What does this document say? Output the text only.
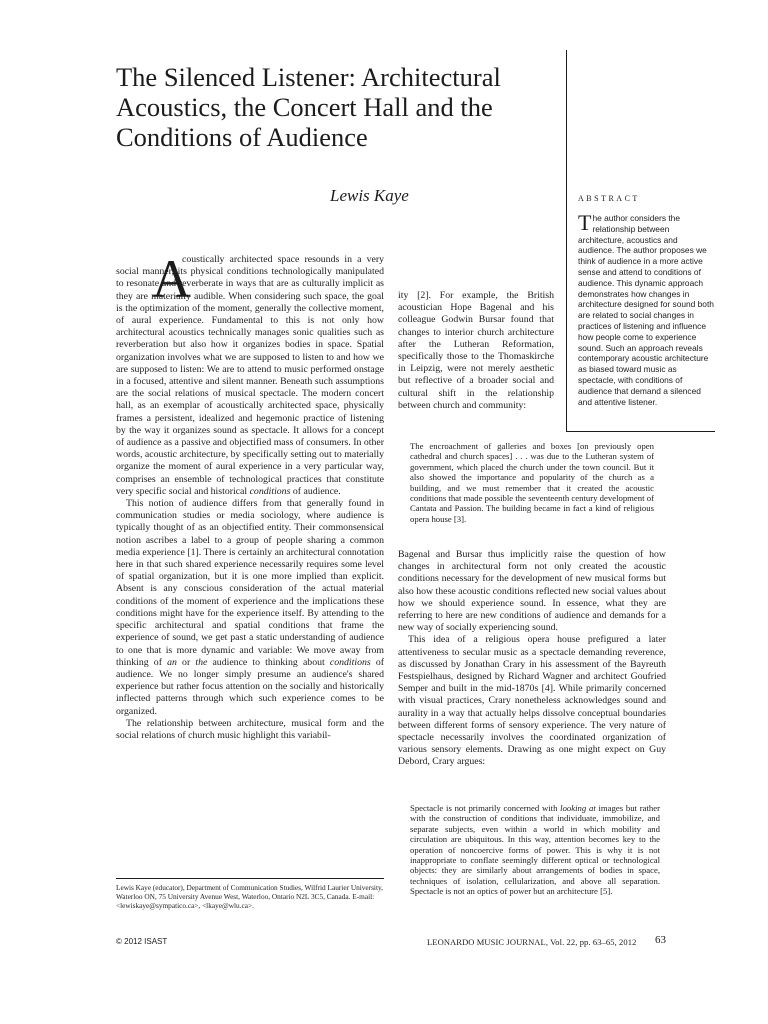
The Silenced Listener: Architectural Acoustics, the Concert Hall and the Conditions of Audience
Lewis Kaye	ABSTRACT
The author considers the relationship between architecture, acoustics and audience. The author proposes we think of audience in a more active sense and attend to conditions of audience. This dynamic approach demonstrates how changes in architecture designed for sound both are related to social changes in practices of listening and influence how people come to experience sound. Such an approach reveals contemporary acoustic architecture as biased toward music as spectacle, with conditions of audience that demand a silenced and attentive listener.
A

coustically architected space resounds in a very social manner, its physical conditions technologically manipulated to resonate and reverberate in ways that are as culturally implicit as they are materially audible. When considering such space, the goal is the optimization of the moment, generally the collective moment, of aural experience. Fundamental to this is not only how architectural acoustics technically manages sonic qualities such as reverberation but also how it organizes bodies in space. Spatial organization involves what we are supposed to listen to and how we are supposed to listen: We are to attend to music performed onstage in a focused, attentive and silent manner. Beneath such assumptions are the social relations of musical spectacle. The modern concert hall, as an exemplar of acoustically architected space, physically frames a persistent, idealized and hegemonic practice of listening by the way it organizes sound as spectacle. It allows for a concept of audience as a passive and objectified mass of consumers. In other words, acoustic architecture, by specifically setting out to materially organize the moment of aural experience in a very particular way, comprises an ensemble of technological practices that constitute very specific social and historical conditions of audience.

This notion of audience differs from that generally found in communication studies or media sociology, where audience is typically thought of as an objectified entity. Their commonsensical notion ascribes a label to a group of people sharing a common media experience [1]. There is certainly an architectural connotation here in that such shared experience necessarily requires some level of spatial organization, but it is one more implied than explicit. Absent is any conscious consideration of the actual material conditions of the moment of experience and the implications these conditions might have for the experience itself. By attending to the specific architectural and spatial conditions that frame the experience of sound, we get past a static understanding of audience to one that is more dynamic and variable: We move away from thinking of an or the audience to thinking about conditions of audience. We no longer simply presume an audience's shared experience but rather focus attention on the socially and historically inflected patterns through which such experience comes to be organized.

The relationship between architecture, musical form and the social relations of church music highlight this variabil-

ity [2]. For example, the British acoustician Hope Bagenal and his colleague Godwin Bursar found that changes to interior church architecture after the Lutheran Reformation, specifically those to the Thomaskirche in Leipzig, were not merely aesthetic but reflective of a broader social and cultural shift in the relationship between church and community:

The encroachment of galleries and boxes [on previously open cathedral and church spaces] . . . was due to the Lutheran system of government, which placed the church under the town council. But it also showed the importance and popularity of the church as a building, and we must remember that it created the acoustic conditions that made possible the seventeenth century development of Cantata and Passion. The building became in fact a kind of religious opera house [3].

Bagenal and Bursar thus implicitly raise the question of how changes in architectural form not only created the acoustic conditions necessary for the development of new musical forms but also how these acoustic conditions reflected new social values about how we should experience sound. In essence, what they are referring to here are new conditions of audience and demands for a new way of socially experiencing sound.

This idea of a religious opera house prefigured a later attentiveness to secular music as a spectacle demanding reverence, as discussed by Jonathan Crary in his assessment of the Bayreuth Festspielhaus, designed by Richard Wagner and architect Goufried Semper and built in the mid-1870s [4]. While primarily concerned with visual practices, Crary nonetheless acknowledges sound and aurality in a way that actually helps dissolve conceptual boundaries between different forms of sensory experience. The very nature of spectacle necessarily involves the coordinated organization of various sensory elements. Drawing as one might expect on Guy Debord, Crary argues:

Spectacle is not primarily concerned with looking at images but rather with the construction of conditions that individuate, immobilize, and separate subjects, even within a world in which mobility and circulation are ubiquitous. In this way, attention becomes key to the operation of noncoercive forms of power. This is why it is not inappropriate to conflate seemingly different optical or technological objects: they are similarly about arrangements of bodies in space, techniques of isolation, cellularization, and above all separation. Spectacle is not an optics of power but an architecture [5].
Lewis Kaye (educator), Department of Communication Studies, Wilfrid Laurier University, Waterloo ON, 75 University Avenue West, Waterloo, Ontario N2L 3C5, Canada. E-mail: <lewiskaye@sympatico.ca>, <lkaye@wlu.ca>.
© 2012 ISAST	LEONARDO MUSIC JOURNAL, Vol. 22, pp. 63–65, 2012 63
